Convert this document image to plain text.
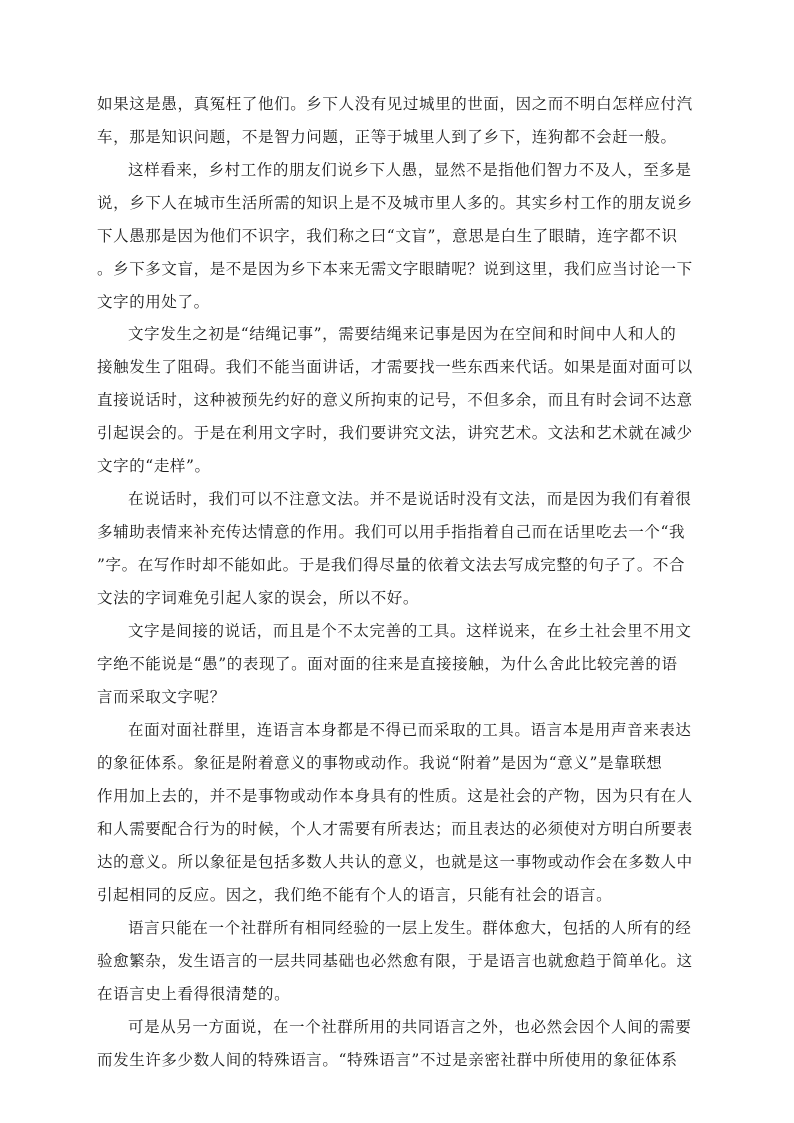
如果这是愚，真冤枉了他们。乡下人没有见过城里的世面，因之而不明白怎样应付汽
车，那是知识问题，不是智力问题，正等于城里人到了乡下，连狗都不会赶一般。
这样看来，乡村工作的朋友们说乡下人愚，显然不是指他们智力不及人，至多是
说，乡下人在城市生活所需的知识上是不及城市里人多的。其实乡村工作的朋友说乡
下人愚那是因为他们不识字，我们称之曰“文盲”，意思是白生了眼睛，连字都不识
。乡下多文盲，是不是因为乡下本来无需文字眼睛呢？说到这里，我们应当讨论一下
文字的用处了。
文字发生之初是“结绳记事”，需要结绳来记事是因为在空间和时间中人和人的
接触发生了阻碍。我们不能当面讲话，才需要找一些东西来代话。如果是面对面可以
直接说话时，这种被预先约好的意义所拘束的记号，不但多余，而且有时会词不达意
引起误会的。于是在利用文字时，我们要讲究文法，讲究艺术。文法和艺术就在减少
文字的“走样”。
在说话时，我们可以不注意文法。并不是说话时没有文法，而是因为我们有着很
多辅助表情来补充传达情意的作用。我们可以用手指指着自己而在话里吃去一个“我
”字。在写作时却不能如此。于是我们得尽量的依着文法去写成完整的句子了。不合
文法的字词难免引起人家的误会，所以不好。
文字是间接的说话，而且是个不太完善的工具。这样说来，在乡土社会里不用文
字绝不能说是“愚”的表现了。面对面的往来是直接接触，为什么舍此比较完善的语
言而采取文字呢？
在面对面社群里，连语言本身都是不得已而采取的工具。语言本是用声音来表达
的象征体系。象征是附着意义的事物或动作。我说“附着”是因为“意义”是靠联想
作用加上去的，并不是事物或动作本身具有的性质。这是社会的产物，因为只有在人
和人需要配合行为的时候，个人才需要有所表达；而且表达的必须使对方明白所要表
达的意义。所以象征是包括多数人共认的意义，也就是这一事物或动作会在多数人中
引起相同的反应。因之，我们绝不能有个人的语言，只能有社会的语言。
语言只能在一个社群所有相同经验的一层上发生。群体愈大，包括的人所有的经
验愈繁杂，发生语言的一层共同基础也必然愈有限，于是语言也就愈趋于简单化。这
在语言史上看得很清楚的。
可是从另一方面说，在一个社群所用的共同语言之外，也必然会因个人间的需要
而发生许多少数人间的特殊语言。“特殊语言”不过是亲密社群中所使用的象征体系
